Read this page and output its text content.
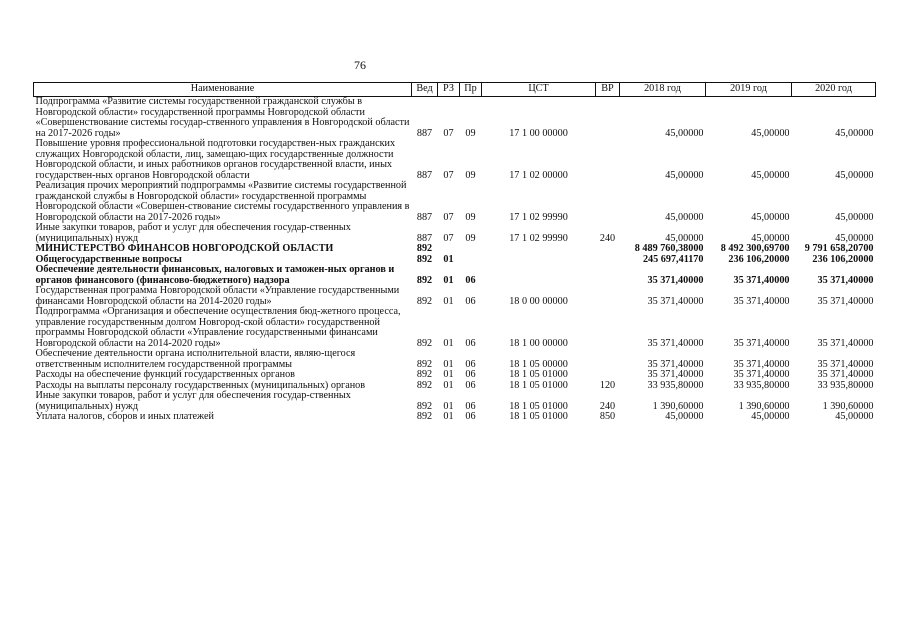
76
Наименование	Вед	РЗ	Пр	ЦСТ	ВР	2018 год	2019 год	2020 год
Подпрограмма «Развитие системы государственной гражданской службы в Новгородской области» государственной программы Новгородской области «Совершенствование системы государ-ственного управления в Новгородской области на 2017-2026 годы»	887	07	09	17 1 00 00000		45,00000	45,00000	45,00000
Повышение уровня профессиональной подготовки государствен-ных гражданских служащих Новгородской области, лиц, замещаю-щих государственные должности Новгородской области, и иных работников органов государственной власти, иных государствен-ных органов Новгородской области	887	07	09	17 1 02 00000		45,00000	45,00000	45,00000
Реализация прочих мероприятий подпрограммы «Развитие системы государственной гражданской службы в Новгородской области» государственной программы Новгородской области «Совершен-ствование системы государственного управления в Новгородской области на 2017-2026 годы»	887	07	09	17 1 02 99990		45,00000	45,00000	45,00000
Иные закупки товаров, работ и услуг для обеспечения государ-ственных (муниципальных) нужд	887	07	09	17 1 02 99990	240	45,00000	45,00000	45,00000
МИНИСТЕРСТВО ФИНАНСОВ НОВГОРОДСКОЙ ОБЛАСТИ	892					8 489 760,38000	8 492 300,69700	9 791 658,20700
Общегосударственные вопросы	892	01				245 697,41170	236 106,20000	236 106,20000
Обеспечение деятельности финансовых, налоговых и таможен-ных органов и органов финансового (финансово-бюджетного) надзора	892	01	06			35 371,40000	35 371,40000	35 371,40000
Государственная программа Новгородской области «Управление государственными финансами Новгородской области на 2014-2020 годы»	892	01	06	18 0 00 00000		35 371,40000	35 371,40000	35 371,40000
Подпрограмма «Организация и обеспечение осуществления бюд-жетного процесса, управление государственным долгом Новгород-ской области» государственной программы Новгородской области «Управление государственными финансами Новгородской области на 2014-2020 годы»	892	01	06	18 1 00 00000		35 371,40000	35 371,40000	35 371,40000
Обеспечение деятельности органа исполнительной власти, являю-щегося ответственным исполнителем государственной программы	892	01	06	18 1 05 00000		35 371,40000	35 371,40000	35 371,40000
Расходы на обеспечение функций государственных органов	892	01	06	18 1 05 01000		35 371,40000	35 371,40000	35 371,40000
Расходы на выплаты персоналу государственных (муниципальных) органов	892	01	06	18 1 05 01000	120	33 935,80000	33 935,80000	33 935,80000
Иные закупки товаров, работ и услуг для обеспечения государ-ственных (муниципальных) нужд	892	01	06	18 1 05 01000	240	1 390,60000	1 390,60000	1 390,60000
Уплата налогов, сборов и иных платежей	892	01	06	18 1 05 01000	850	45,00000	45,00000	45,00000
